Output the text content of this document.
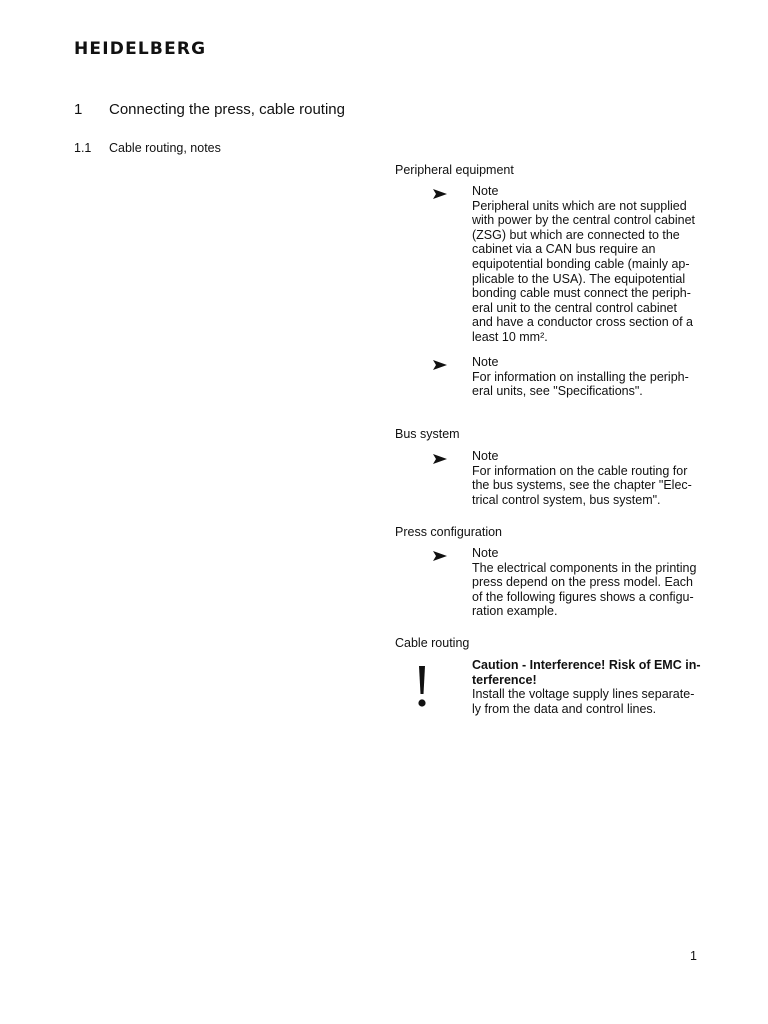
HEIDELBERG
1 Connecting the press, cable routing
1.1 Cable routing, notes
Peripheral equipment
Note
Peripheral units which are not supplied
with power by the central control cabinet
(ZSG) but which are connected to the
cabinet via a CAN bus require an
equipotential bonding cable (mainly ap-
plicable to the USA). The equipotential
bonding cable must connect the periph-
eral unit to the central control cabinet
and have a conductor cross section of a
least 10 mm².
Note
For information on installing the periph-
eral units, see "Specifications".
Bus system
Note
For information on the cable routing for
the bus systems, see the chapter "Elec-
trical control system, bus system".
Press configuration
Note
The electrical components in the printing
press depend on the press model. Each
of the following figures shows a configu-
ration example.
Cable routing
Caution - Interference! Risk of EMC in-
terference!
Install the voltage supply lines separate-
ly from the data and control lines.
1
